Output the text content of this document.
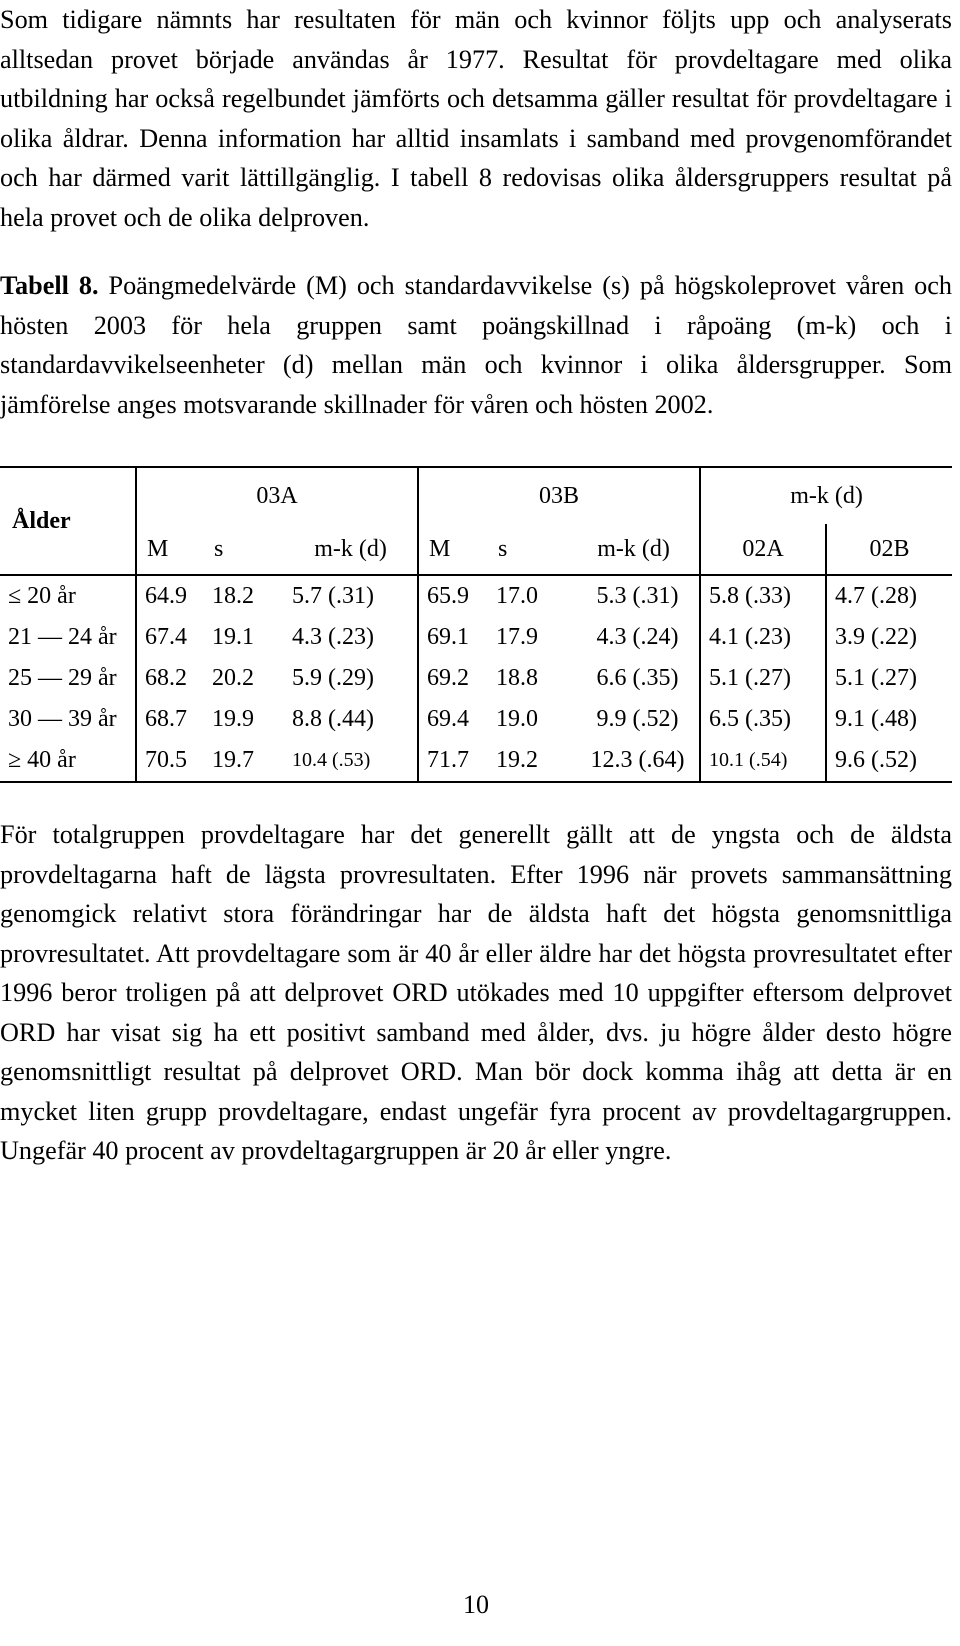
Som tidigare nämnts har resultaten för män och kvinnor följts upp och analyserats alltsedan provet började användas år 1977. Resultat för provdeltagare med olika utbildning har också regelbundet jämförts och detsamma gäller resultat för provdeltagare i olika åldrar. Denna information har alltid insamlats i samband med provgenomförandet och har därmed varit lättillgänglig. I tabell 8 redovisas olika åldersgruppers resultat på hela provet och de olika delproven.

Tabell 8. Poängmedelvärde (M) och standardavvikelse (s) på högskoleprovet våren och hösten 2003 för hela gruppen samt poängskillnad i råpoäng (m-k) och i standardavvikelseenheter (d) mellan män och kvinnor i olika åldersgrupper. Som jämförelse anges motsvarande skillnader för våren och hösten 2002.

Ålder	03A			03B			m-k (d)	
	M	s	m-k (d)	M	s	m-k (d)	02A	02B
≤ 20 år	64.9	18.2	5.7 (.31)	65.9	17.0	5.3 (.31)	5.8 (.33)	4.7 (.28)
21 — 24 år	67.4	19.1	4.3 (.23)	69.1	17.9	4.3 (.24)	4.1 (.23)	3.9 (.22)
25 — 29 år	68.2	20.2	5.9 (.29)	69.2	18.8	6.6 (.35)	5.1 (.27)	5.1 (.27)
30 — 39 år	68.7	19.9	8.8 (.44)	69.4	19.0	9.9 (.52)	6.5 (.35)	9.1 (.48)
≥ 40 år	70.5	19.7	10.4 (.53)	71.7	19.2	12.3 (.64)	10.1 (.54)	9.6 (.52)

För totalgruppen provdeltagare har det generellt gällt att de yngsta och de äldsta provdeltagarna haft de lägsta provresultaten. Efter 1996 när provets sammansättning genomgick relativt stora förändringar har de äldsta haft det högsta genomsnittliga provresultatet. Att provdeltagare som är 40 år eller äldre har det högsta provresultatet efter 1996 beror troligen på att delprovet ORD utökades med 10 uppgifter eftersom delprovet ORD har visat sig ha ett positivt samband med ålder, dvs. ju högre ålder desto högre genomsnittligt resultat på delprovet ORD. Man bör dock komma ihåg att detta är en mycket liten grupp provdeltagare, endast ungefär fyra procent av provdeltagargruppen. Ungefär 40 procent av provdeltagargruppen är 20 år eller yngre.

10
